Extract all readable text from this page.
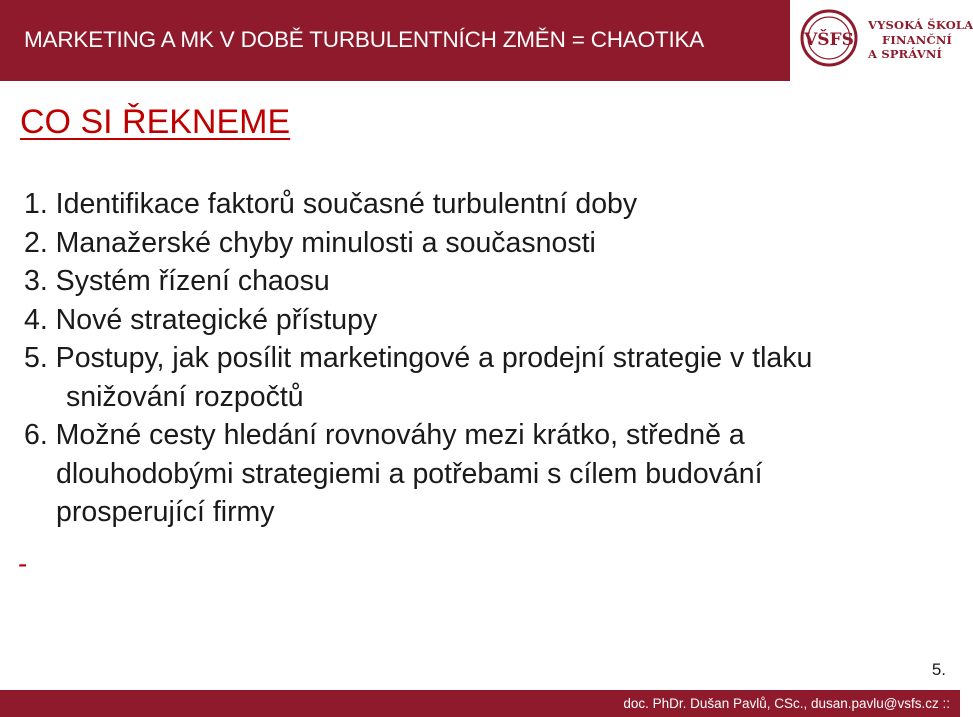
MARKETING A MK V DOBĚ TURBULENTNÍCH ZMĚN = CHAOTIKA	VŠFS
VYSOKÁ ŠKOLA
FINANČNÍ
A SPRÁVNÍ
CO SI ŘEKNEME
1. Identifikace faktorů současné turbulentní doby
2. Manažerské chyby minulosti a současnosti
3. Systém řízení chaosu
4. Nové strategické přístupy
5. Postupy, jak posílit marketingové a prodejní strategie v tlaku
snižování rozpočtů
6. Možné cesty hledání rovnováhy mezi krátko, středně a
dlouhodobými strategiemi a potřebami s cílem budování
prosperující firmy
-
5.
doc. PhDr. Dušan Pavlů, CSc., dusan.pavlu@vsfs.cz ::
